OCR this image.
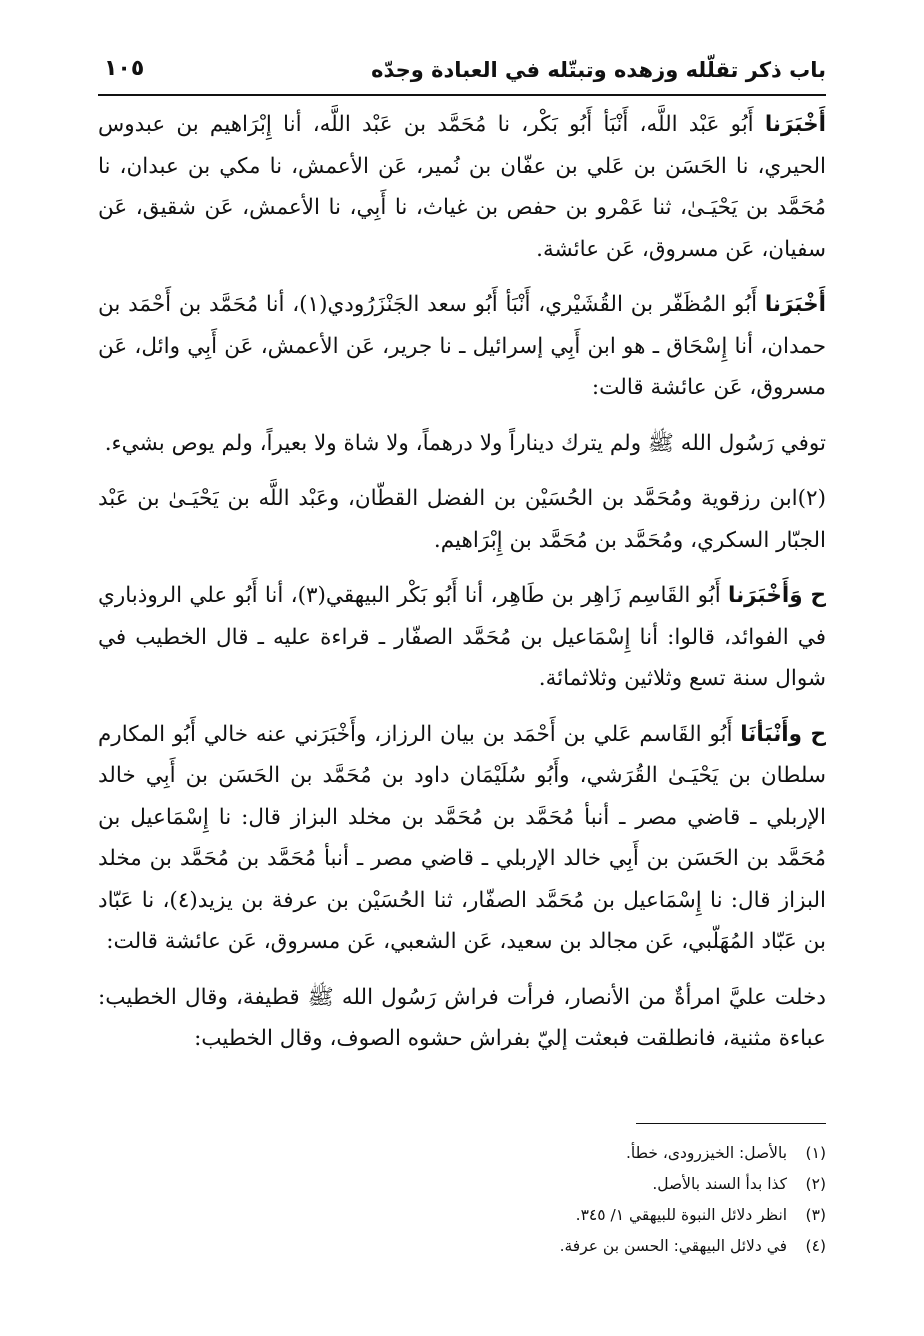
باب ذكر تقلّله وزهده وتبتّله في العبادة وجدّه
١٠٥

أَخْبَرَنا أَبُو عَبْد اللَّه، أَنْبَأ أَبُو بَكْر، نا مُحَمَّد بن عَبْد اللَّه، أنا إِبْرَاهيم بن عبدوس الحيري، نا الحَسَن بن عَلي بن عفّان بن نُمير، عَن الأعمش، نا مكي بن عبدان، نا مُحَمَّد بن يَحْيَـىٰ، ثنا عَمْرو بن حفص بن غياث، نا أَبِي، نا الأعمش، عَن شقيق، عَن سفيان، عَن مسروق، عَن عائشة.

أَخْبَرَنا أَبُو المُظَفّر بن القُشَيْري، أَنْبَأ أَبُو سعد الجَنْزَرُودي(١)، أنا مُحَمَّد بن أَحْمَد بن حمدان، أنا إِسْحَاق ـ هو ابن أَبِي إسرائيل ـ نا جرير، عَن الأعمش، عَن أَبِي وائل، عَن مسروق، عَن عائشة قالت:

توفي رَسُول الله ﷺ ولم يترك ديناراً ولا درهماً، ولا شاة ولا بعيراً، ولم يوص بشيء.

(٢)ابن رزقوية ومُحَمَّد بن الحُسَيْن بن الفضل القطّان، وعَبْد اللَّه بن يَحْيَـىٰ بن عَبْد الجبّار السكري، ومُحَمَّد بن مُحَمَّد بن إِبْرَاهيم.

ح وَأَخْبَرَنا أَبُو القَاسِم زَاهِر بن طَاهِر، أنا أَبُو بَكْر البيهقي(٣)، أنا أَبُو علي الروذباري في الفوائد، قالوا: أنا إِسْمَاعيل بن مُحَمَّد الصفّار ـ قراءة عليه ـ قال الخطيب في شوال سنة تسع وثلاثين وثلاثمائة.

ح وأَنْبَأنَا أَبُو القَاسم عَلي بن أَحْمَد بن بيان الرزاز، وأَخْبَرَني عنه خالي أَبُو المكارم سلطان بن يَحْيَـىٰ القُرَشي، وأَبُو سُلَيْمَان داود بن مُحَمَّد بن الحَسَن بن أَبِي خالد الإربلي ـ قاضي مصر ـ أنبأ مُحَمَّد بن مُحَمَّد بن مخلد البزاز قال: نا إِسْمَاعيل بن مُحَمَّد بن الحَسَن بن أَبِي خالد الإربلي ـ قاضي مصر ـ أنبأ مُحَمَّد بن مُحَمَّد بن مخلد البزاز قال: نا إِسْمَاعيل بن مُحَمَّد الصفّار، ثنا الحُسَيْن بن عرفة بن يزيد(٤)، نا عَبّاد بن عَبّاد المُهَلّبي، عَن مجالد بن سعيد، عَن الشعبي، عَن مسروق، عَن عائشة قالت:

دخلت عليَّ امرأةٌ من الأنصار، فرأت فراش رَسُول الله ﷺ قطيفة، وقال الخطيب: عباءة مثنية، فانطلقت فبعثت إليّ بفراش حشوه الصوف، وقال الخطيب:

(١) بالأصل: الخيزرودى، خطأ.
(٢) كذا بدأ السند بالأصل.
(٣) انظر دلائل النبوة للبيهقي ١/ ٣٤٥.
(٤) في دلائل البيهقي: الحسن بن عرفة.
